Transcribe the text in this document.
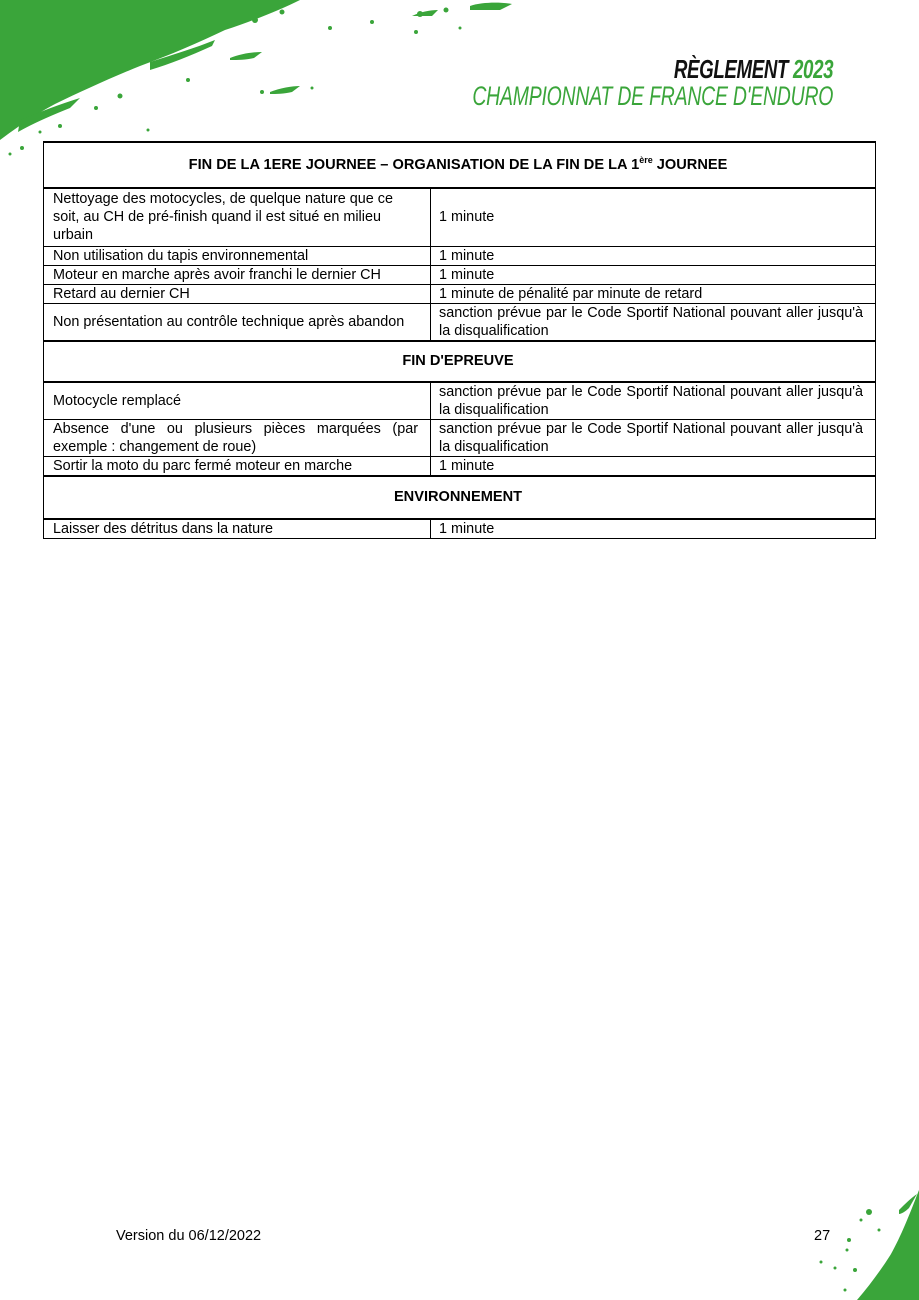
RÈGLEMENT 2023
CHAMPIONNAT DE FRANCE D'ENDURO
FIN DE LA 1ERE JOURNEE – ORGANISATION DE LA FIN DE LA 1ère JOURNEE	
Nettoyage des motocycles, de quelque nature que ce soit, au CH de pré-finish quand il est situé en milieu urbain	1 minute
Non utilisation du tapis environnemental	1 minute
Moteur en marche après avoir franchi le dernier CH	1 minute
Retard au dernier CH	1 minute de pénalité par minute de retard
Non présentation au contrôle technique après abandon	sanction prévue par le Code Sportif National pouvant aller jusqu'à la disqualification
FIN D'EPREUVE	
Motocycle remplacé	sanction prévue par le Code Sportif National pouvant aller jusqu'à la disqualification
Absence d'une ou plusieurs pièces marquées (par exemple : changement de roue)	sanction prévue par le Code Sportif National pouvant aller jusqu'à la disqualification
Sortir la moto du parc fermé moteur en marche	1 minute
ENVIRONNEMENT	
Laisser des détritus dans la nature	1 minute
Version du 06/12/2022	27
